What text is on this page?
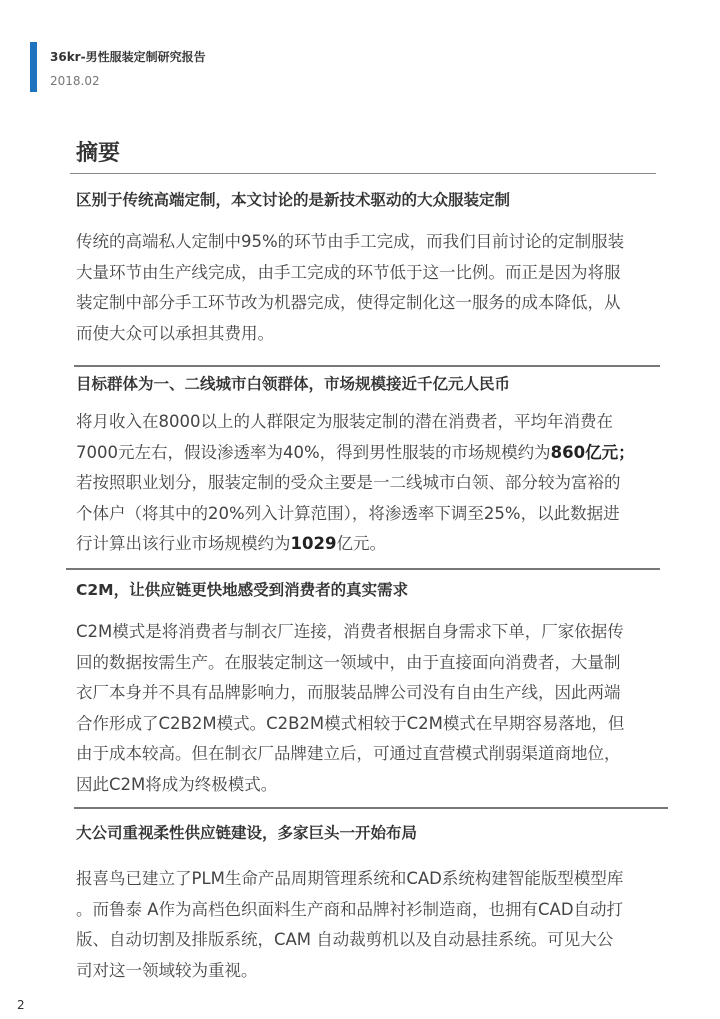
36kr-男性服装定制研究报告
2018.02
摘要
区别于传统高端定制，本文讨论的是新技术驱动的大众服装定制
传统的高端私人定制中95%的环节由手工完成，而我们目前讨论的定制服装
大量环节由生产线完成，由手工完成的环节低于这一比例。而正是因为将服
装定制中部分手工环节改为机器完成，使得定制化这一服务的成本降低，从
而使大众可以承担其费用。
目标群体为一、二线城市白领群体，市场规模接近千亿元人民币
将月收入在8000以上的人群限定为服装定制的潜在消费者，平均年消费在
7000元左右，假设渗透率为40%，得到男性服装的市场规模约为860亿元；
若按照职业划分，服装定制的受众主要是一二线城市白领、部分较为富裕的
个体户（将其中的20%列入计算范围），将渗透率下调至25%，以此数据进
行计算出该行业市场规模约为1029亿元。
C2M，让供应链更快地感受到消费者的真实需求
C2M模式是将消费者与制衣厂连接，消费者根据自身需求下单，厂家依据传
回的数据按需生产。在服装定制这一领域中，由于直接面向消费者，大量制
衣厂本身并不具有品牌影响力，而服装品牌公司没有自由生产线，因此两端
合作形成了C2B2M模式。C2B2M模式相较于C2M模式在早期容易落地，但
由于成本较高。但在制衣厂品牌建立后，可通过直营模式削弱渠道商地位，
因此C2M将成为终极模式。
大公司重视柔性供应链建设，多家巨头一开始布局
报喜鸟已建立了PLM生命产品周期管理系统和CAD系统构建智能版型模型库
。而鲁泰 A作为高档色织面料生产商和品牌衬衫制造商，也拥有CAD自动打
版、自动切割及排版系统，CAM 自动裁剪机以及自动悬挂系统。可见大公
司对这一领域较为重视。
2
